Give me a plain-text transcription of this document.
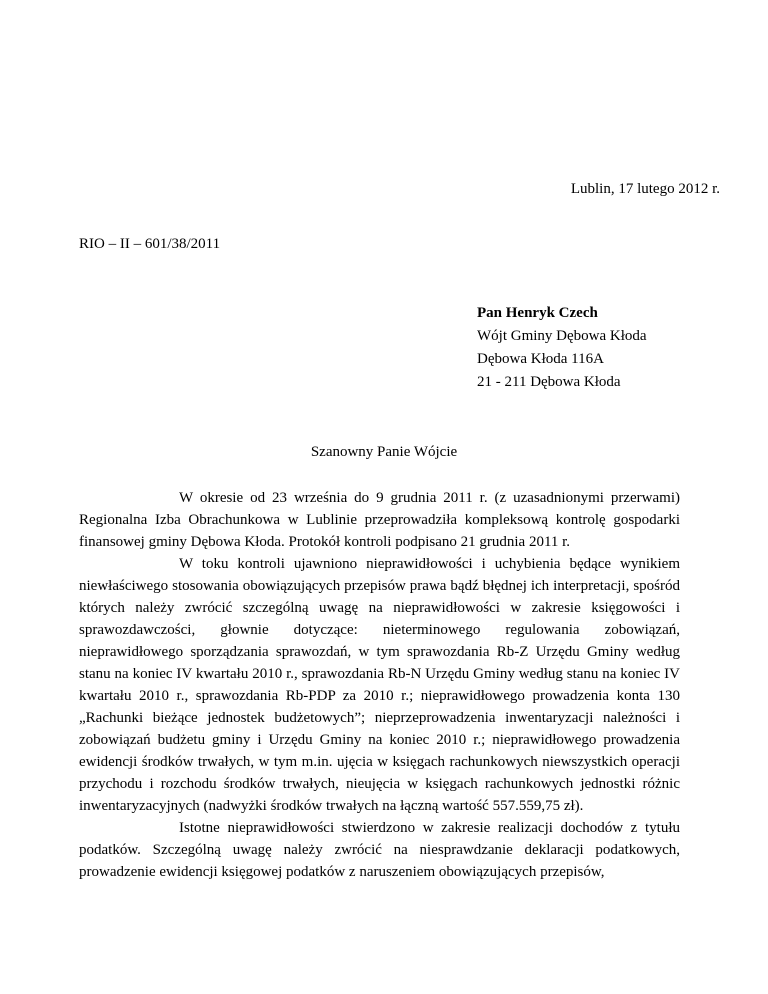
Lublin, 17 lutego 2012 r.
RIO – II – 601/38/2011
Pan Henryk Czech
Wójt Gminy Dębowa Kłoda
Dębowa Kłoda 116A
21 - 211 Dębowa Kłoda
Szanowny Panie Wójcie

W okresie od 23 września do 9 grudnia 2011 r. (z uzasadnionymi przerwami) Regionalna Izba Obrachunkowa w Lublinie przeprowadziła kompleksową kontrolę gospodarki finansowej gminy Dębowa Kłoda. Protokół kontroli podpisano 21 grudnia 2011 r.

W toku kontroli ujawniono nieprawidłowości i uchybienia będące wynikiem niewłaściwego stosowania obowiązujących przepisów prawa bądź błędnej ich interpretacji, spośród których należy zwrócić szczególną uwagę na nieprawidłowości w zakresie księgowości i sprawozdawczości, głownie dotyczące: nieterminowego regulowania zobowiązań, nieprawidłowego sporządzania sprawozdań, w tym sprawozdania Rb-Z Urzędu Gminy według stanu na koniec IV kwartału 2010 r., sprawozdania Rb-N Urzędu Gminy według stanu na koniec IV kwartału 2010 r., sprawozdania Rb-PDP za 2010 r.; nieprawidłowego prowadzenia konta 130 „Rachunki bieżące jednostek budżetowych”; nieprzeprowadzenia inwentaryzacji należności i zobowiązań budżetu gminy i Urzędu Gminy na koniec 2010 r.; nieprawidłowego prowadzenia ewidencji środków trwałych, w tym m.in. ujęcia w księgach rachunkowych niewszystkich operacji przychodu i rozchodu środków trwałych, nieujęcia w księgach rachunkowych jednostki różnic inwentaryzacyjnych (nadwyżki środków trwałych na łączną wartość 557.559,75 zł).

Istotne nieprawidłowości stwierdzono w zakresie realizacji dochodów z tytułu podatków. Szczególną uwagę należy zwrócić na niesprawdzanie deklaracji podatkowych, prowadzenie ewidencji księgowej podatków z naruszeniem obowiązujących przepisów,
